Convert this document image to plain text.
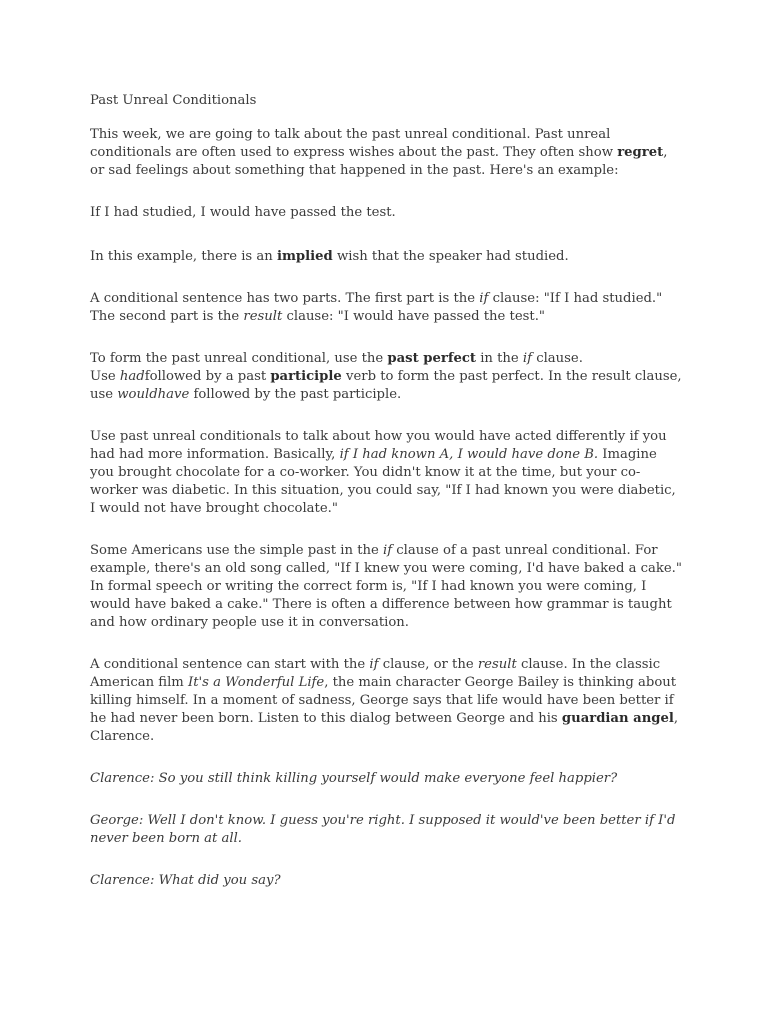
Past Unreal Conditionals

This week, we are going to talk about the past unreal conditional. Past unreal conditionals are often used to express wishes about the past. They often show regret, or sad feelings about something that happened in the past. Here's an example:

If I had studied, I would have passed the test.

In this example, there is an implied wish that the speaker had studied.

A conditional sentence has two parts. The first part is the if clause: "If I had studied." The second part is the result clause: "I would have passed the test."

To form the past unreal conditional, use the past perfect in the if clause.
Use hadfollowed by a past participle verb to form the past perfect. In the result clause, use wouldhave followed by the past participle.

Use past unreal conditionals to talk about how you would have acted differently if you had had more information. Basically, if I had known A, I would have done B. Imagine you brought chocolate for a co-worker. You didn't know it at the time, but your co-worker was diabetic. In this situation, you could say, "If I had known you were diabetic, I would not have brought chocolate."

Some Americans use the simple past in the if clause of a past unreal conditional. For example, there's an old song called, "If I knew you were coming, I'd have baked a cake." In formal speech or writing the correct form is, "If I had known you were coming, I would have baked a cake." There is often a difference between how grammar is taught and how ordinary people use it in conversation.

A conditional sentence can start with the if clause, or the result clause. In the classic American film It's a Wonderful Life, the main character George Bailey is thinking about killing himself. In a moment of sadness, George says that life would have been better if he had never been born. Listen to this dialog between George and his guardian angel, Clarence.

Clarence: So you still think killing yourself would make everyone feel happier?

George: Well I don't know. I guess you're right. I supposed it would've been better if I'd never been born at all.

Clarence: What did you say?
